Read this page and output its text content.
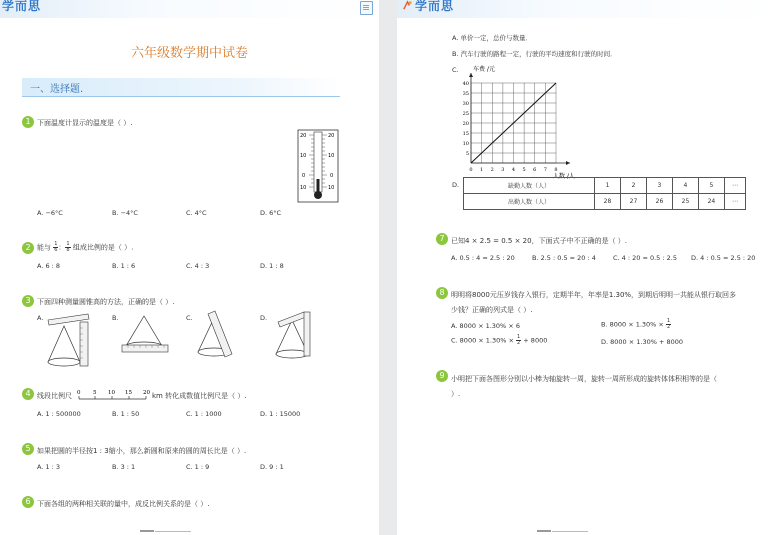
学而思
六年级数学期中试卷
一、选择题.
1 下面温度计显示的温度是（ ）.
20
10
0
10
20
10
0
10
A. −6°C	B. −4°C	C. 4°C	D. 6°C
2 能与 $\frac{1}{6}$ ： $\frac{1}{8}$ 组成比例的是（ ）.
A. 6 : 8	B. 1 : 6	C. 4 : 3	D. 1 : 8
3 下面四种测量圆锥高的方法，正确的是（ ）.
A.	B.	C.	D.
4 线段比例尺 0 5 10 15 20 km 转化成数值比例尺是（ ）.
A. 1 : 500000	B. 1 : 50	C. 1 : 1000	D. 1 : 15000
5 如果把圆的半径按1 : 3缩小，那么新圆和原来的圆的周长比是（ ）.
A. 1 : 3	B. 3 : 1	C. 1 : 9	D. 9 : 1
6 下面各组的两种相关联的量中，成反比例关系的是（ ）.

学而思
A. 单价一定，总价与数量．
B. 汽车行驶的路程一定，行驶的平均速度和行驶的时间．
C.
5
10
15
20
25
30
35
40
0 1 2 3 4 5 6 7 8
车费 /元
人数 /人
D.	缺勤人数（人）	1	2	3	4	5	⋯
出勤人数（人）	28	27	26	25	24	⋯
7 已知4 × 2.5 = 0.5 × 20，下面式子中不正确的是（ ）.
A. 0.5 : 4 = 2.5 : 20	B. 2.5 : 0.5 = 20 : 4	C. 4 : 20 = 0.5 : 2.5 D. 4 : 0.5 = 2.5 : 20
8 明明将8000元压岁钱存入银行，定期半年，年率是1.30%，到期后明明一共能从银行取回多
少钱？正确的列式是（ ）.
A. 8000 × 1.30% × 6	B. $8000 \times 1.30\% \times \frac{1}{2}$
C. $8000 \times 1.30\% \times \frac{1}{2} + 8000$	D. 8000 × 1.30% + 8000
9 小明把下面各图形分别以小棒为轴旋转一周，旋转一周所形成的旋转体体积相等的是（
）.
